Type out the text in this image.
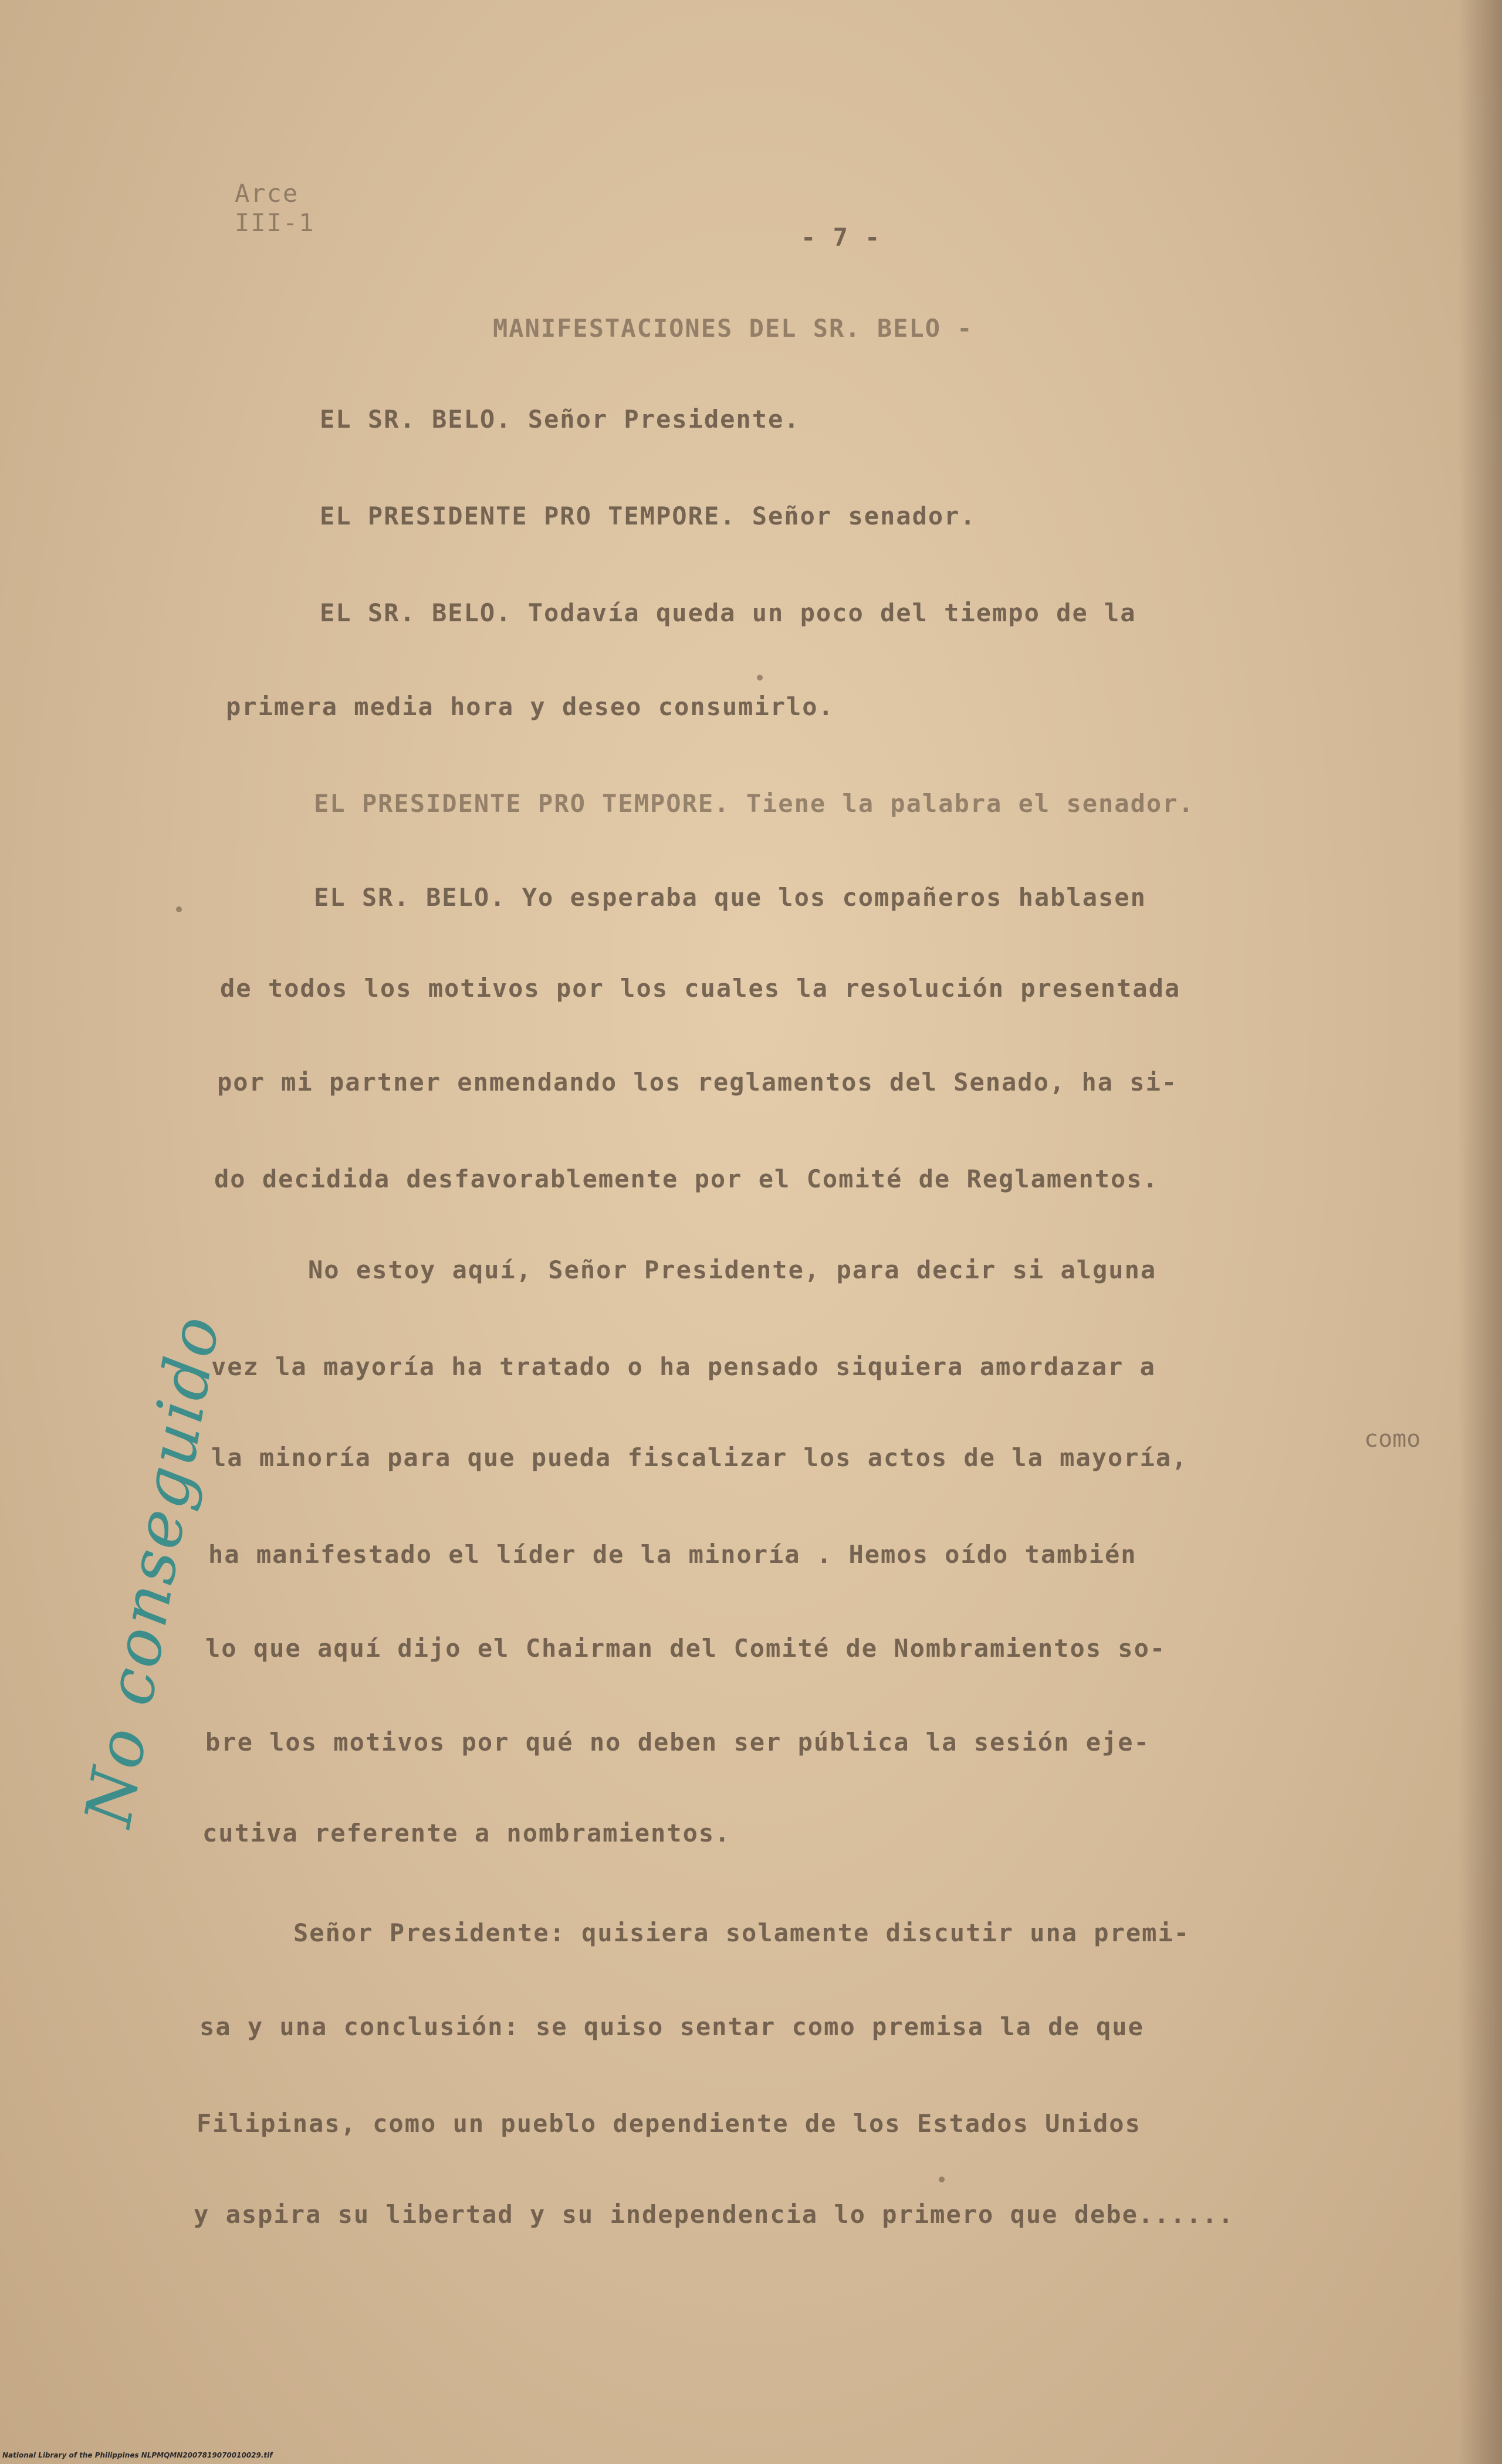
Arce
III-1
- 7 -
MANIFESTACIONES DEL SR. BELO -
EL SR. BELO. Señor Presidente.
EL PRESIDENTE PRO TEMPORE. Señor senador.
EL SR. BELO. Todavía queda un poco del tiempo de la
primera media hora y deseo consumirlo.
EL PRESIDENTE PRO TEMPORE. Tiene la palabra el senador.
EL SR. BELO. Yo esperaba que los compañeros hablasen
de todos los motivos por los cuales la resolución presentada
por mi partner enmendando los reglamentos del Senado, ha si-
do decidida desfavorablemente por el Comité de Reglamentos.
No estoy aquí, Señor Presidente, para decir si alguna
vez la mayoría ha tratado o ha pensado siquiera amordazar a
la minoría para que pueda fiscalizar los actos de la mayoría,
ha manifestado el líder de la minoría . Hemos oído también
lo que aquí dijo el Chairman del Comité de Nombramientos so-
bre los motivos por qué no deben ser pública la sesión eje-
cutiva referente a nombramientos.
Señor Presidente: quisiera solamente discutir una premi-
sa y una conclusión: se quiso sentar como premisa la de que
Filipinas, como un pueblo dependiente de los Estados Unidos
y aspira su libertad y su independencia lo primero que debe......
como
No conseguido
National Library of the Philippines NLPMQMN2007819070010029.tif
